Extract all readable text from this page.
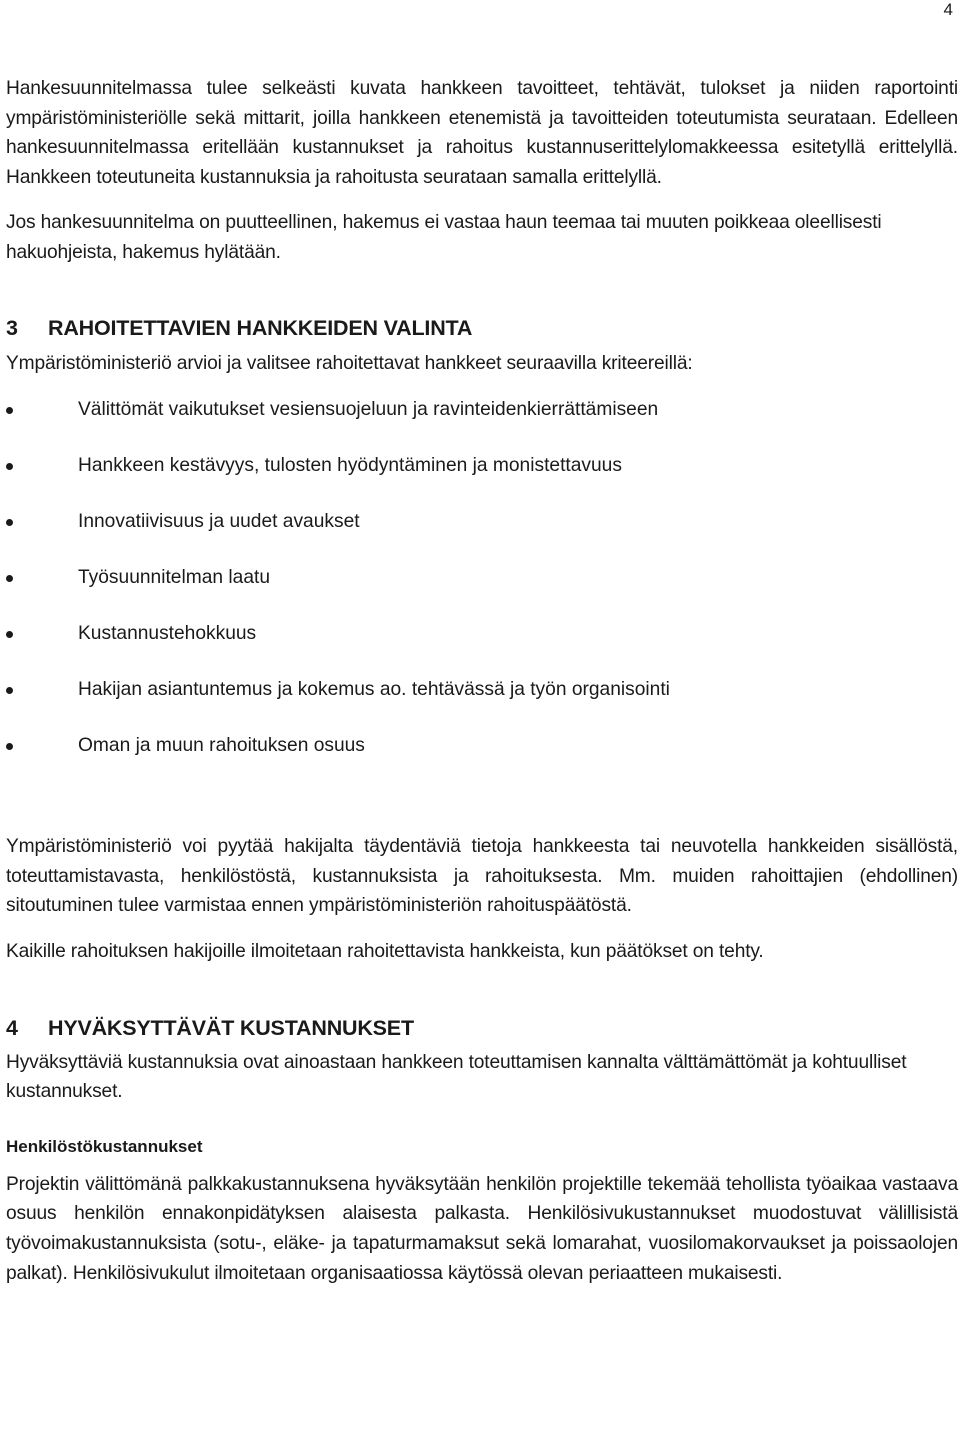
4

Hankesuunnitelmassa tulee selkeästi kuvata hankkeen tavoitteet, tehtävät, tulokset ja niiden raportointi ympäristöministeriölle sekä mittarit, joilla hankkeen etenemistä ja tavoitteiden toteutumista seurataan. Edelleen hankesuunnitelmassa eritellään kustannukset ja rahoitus kustannuserittelylomakkeessa esitetyllä erittelyllä. Hankkeen toteutuneita kustannuksia ja rahoitusta seurataan samalla erittelyllä.

Jos hankesuunnitelma on puutteellinen, hakemus ei vastaa haun teemaa tai muuten poikkeaa oleellisesti hakuohjeista, hakemus hylätään.

3 RAHOITETTAVIEN HANKKEIDEN VALINTA

Ympäristöministeriö arvioi ja valitsee rahoitettavat hankkeet seuraavilla kriteereillä:

Välittömät vaikutukset vesiensuojeluun ja ravinteidenkierrättämiseen
Hankkeen kestävyys, tulosten hyödyntäminen ja monistettavuus
Innovatiivisuus ja uudet avaukset
Työsuunnitelman laatu
Kustannustehokkuus
Hakijan asiantuntemus ja kokemus ao. tehtävässä ja työn organisointi
Oman ja muun rahoituksen osuus

Ympäristöministeriö voi pyytää hakijalta täydentäviä tietoja hankkeesta tai neuvotella hankkeiden sisällöstä, toteuttamistavasta, henkilöstöstä, kustannuksista ja rahoituksesta. Mm. muiden rahoittajien (ehdollinen) sitoutuminen tulee varmistaa ennen ympäristöministeriön rahoituspäätöstä.

Kaikille rahoituksen hakijoille ilmoitetaan rahoitettavista hankkeista, kun päätökset on tehty.

4 HYVÄKSYTTÄVÄT KUSTANNUKSET

Hyväksyttäviä kustannuksia ovat ainoastaan hankkeen toteuttamisen kannalta välttämättömät ja kohtuulliset kustannukset.

Henkilöstökustannukset

Projektin välittömänä palkkakustannuksena hyväksytään henkilön projektille tekemää tehollista työaikaa vastaava osuus henkilön ennakonpidätyksen alaisesta palkasta. Henkilösivukustannukset muodostuvat välillisistä työvoimakustannuksista (sotu-, eläke- ja tapaturmamaksut sekä lomarahat, vuosilomakorvaukset ja poissaolojen palkat). Henkilösivukulut ilmoitetaan organisaatiossa käytössä olevan periaatteen mukaisesti.
